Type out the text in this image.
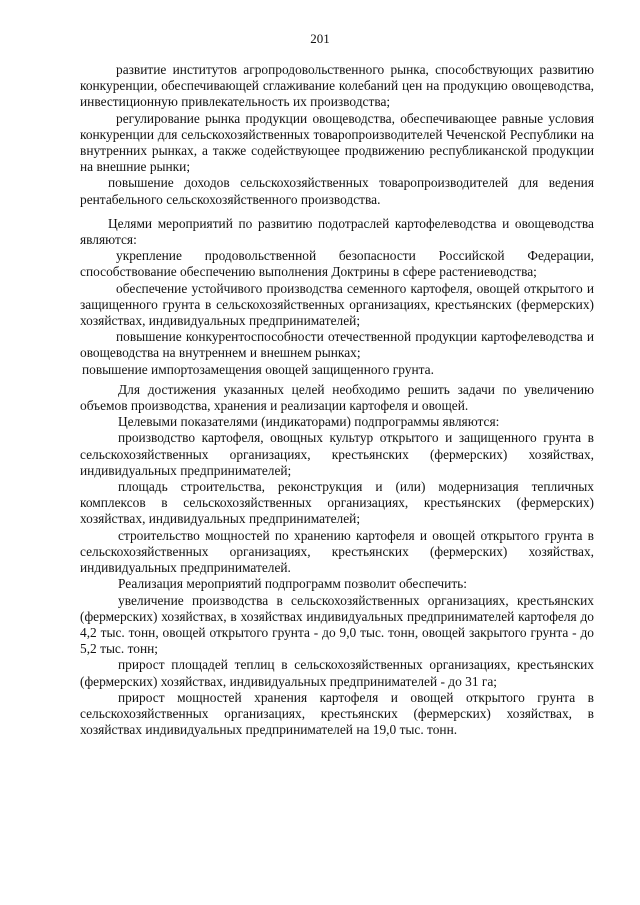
201

развитие институтов агропродовольственного рынка, способствующих развитию конкуренции, обеспечивающей сглаживание колебаний цен на продукцию овощеводства, инвестиционную привлекательность их производства;

регулирование рынка продукции овощеводства, обеспечивающее равные условия конкуренции для сельскохозяйственных товаропроизводителей Чеченской Республики на внутренних рынках, а также содействующее продвижению республиканской продукции на внешние рынки;

повышение доходов сельскохозяйственных товаропроизводителей для ведения рентабельного сельскохозяйственного производства.

Целями мероприятий по развитию подотраслей картофелеводства и овощеводства являются:

укрепление продовольственной безопасности Российской Федерации, способствование обеспечению выполнения Доктрины в сфере растениеводства;

обеспечение устойчивого производства семенного картофеля, овощей открытого и защищенного грунта в сельскохозяйственных организациях, крестьянских (фермерских) хозяйствах, индивидуальных предпринимателей;

повышение конкурентоспособности отечественной продукции картофелеводства и овощеводства на внутреннем и внешнем рынках;

повышение импортозамещения овощей защищенного грунта.

Для достижения указанных целей необходимо решить задачи по увеличению объемов производства, хранения и реализации картофеля и овощей.

Целевыми показателями (индикаторами) подпрограммы являются:

производство картофеля, овощных культур открытого и защищенного грунта в сельскохозяйственных организациях, крестьянских (фермерских) хозяйствах, индивидуальных предпринимателей;

площадь строительства, реконструкция и (или) модернизация тепличных комплексов в сельскохозяйственных организациях, крестьянских (фермерских) хозяйствах, индивидуальных предпринимателей;

строительство мощностей по хранению картофеля и овощей открытого грунта в сельскохозяйственных организациях, крестьянских (фермерских) хозяйствах, индивидуальных предпринимателей.

Реализация мероприятий подпрограмм позволит обеспечить:

увеличение производства в сельскохозяйственных организациях, крестьянских (фермерских) хозяйствах, в хозяйствах индивидуальных предпринимателей картофеля до 4,2 тыс. тонн, овощей открытого грунта - до 9,0 тыс. тонн, овощей закрытого грунта - до 5,2 тыс. тонн;

прирост площадей теплиц в сельскохозяйственных организациях, крестьянских (фермерских) хозяйствах, индивидуальных предпринимателей - до 31 га;

прирост мощностей хранения картофеля и овощей открытого грунта в сельскохозяйственных организациях, крестьянских (фермерских) хозяйствах, в хозяйствах индивидуальных предпринимателей на 19,0 тыс. тонн.
